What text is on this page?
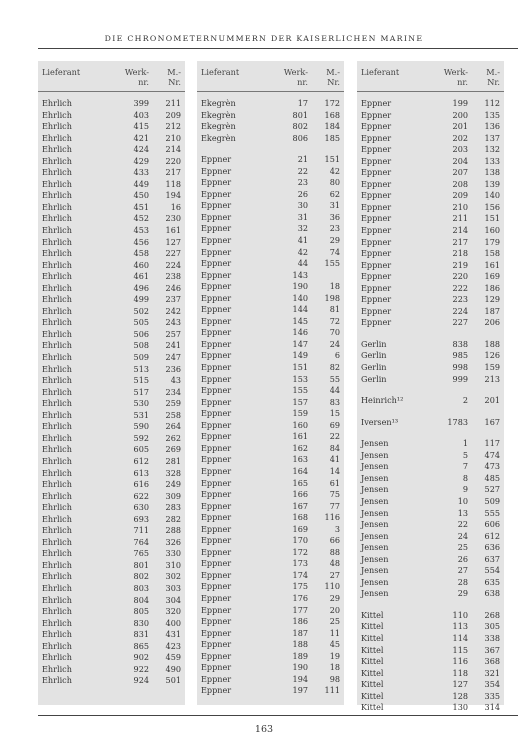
DIE CHRONOMETERNUMMERN DER KAISERLICHEN MARINE
Lieferant	Werk-
nr.
M.-
Nr.
Ehrlich	399 211
Ehrlich	403 209
Ehrlich	415 212
Ehrlich	421 210
Ehrlich	424 214
Ehrlich	429 220
Ehrlich	433 217
Ehrlich	449 118
Ehrlich	450 194
Ehrlich	451	16
Ehrlich	452 230
Ehrlich	453 161
Ehrlich	456 127
Ehrlich	458 227
Ehrlich	460 224
Ehrlich	461 238
Ehrlich	496 246
Ehrlich	499 237
Ehrlich	502 242
Ehrlich	505 243
Ehrlich	506 257
Ehrlich	508 241
Ehrlich	509 247
Ehrlich	513 236
Ehrlich	515	43
Ehrlich	517 234
Ehrlich	530 259
Ehrlich	531 258
Ehrlich	590 264
Ehrlich	592 262
Ehrlich	605 269
Ehrlich	612 281
Ehrlich	613 328
Ehrlich	616 249
Ehrlich	622 309
Ehrlich	630 283
Ehrlich	693 282
Ehrlich	711 288
Ehrlich	764 326
Ehrlich	765 330
Ehrlich	801 310
Ehrlich	802 302
Ehrlich	803 303
Ehrlich	804 304
Ehrlich	805 320
Ehrlich	830 400
Ehrlich	831 431
Ehrlich	865 423
Ehrlich	902 459
Ehrlich	922 490
Ehrlich	924 501
Lieferant	Werk-
nr.
M.-
Nr.
Ekegrèn	17 172
Ekegrèn	801 168
Ekegrèn	802 184
Ekegrèn	806 185
Eppner	21 151
Eppner	22	42
Eppner	23	80
Eppner	26	62
Eppner	30	31
Eppner	31	36
Eppner	32	23
Eppner	41	29
Eppner	42	74
Eppner	44 155
Eppner	143
Eppner	190	18
Eppner	140 198
Eppner	144	81
Eppner	145	72
Eppner	146	70
Eppner	147	24
Eppner	149	6
Eppner	151	82
Eppner	153	55
Eppner	155	44
Eppner	157	83
Eppner	159	15
Eppner	160	69
Eppner	161	22
Eppner	162	84
Eppner	163	41
Eppner	164	14
Eppner	165	61
Eppner	166	75
Eppner	167	77
Eppner	168 116
Eppner	169	3
Eppner	170	66
Eppner	172	88
Eppner	173	48
Eppner	174	27
Eppner	175 110
Eppner	176	29
Eppner	177	20
Eppner	186	25
Eppner	187	11
Eppner	188	45
Eppner	189	19
Eppner	190	18
Eppner	194	98
Eppner	197 111
Lieferant	Werk-
nr.
M.-
Nr.
Eppner	199 112
Eppner	200 135
Eppner	201 136
Eppner	202 137
Eppner	203 132
Eppner	204 133
Eppner	207 138
Eppner	208 139
Eppner	209 140
Eppner	210 156
Eppner	211 151
Eppner	214 160
Eppner	217 179
Eppner	218 158
Eppner	219 161
Eppner	220 169
Eppner	222 186
Eppner	223 129
Eppner	224 187
Eppner	227 206
Gerlin	838 188
Gerlin	985 126
Gerlin	998 159
Gerlin	999 213
Heinrich¹²	2 201
Iversen¹³	1783 167
Jensen	1 117
Jensen	5 474
Jensen	7 473
Jensen	8 485
Jensen	9 527
Jensen	10 509
Jensen	13 555
Jensen	22 606
Jensen	24 612
Jensen	25 636
Jensen	26 637
Jensen	27 554
Jensen	28 635
Jensen	29 638
Kittel	110 268
Kittel	113 305
Kittel	114 338
Kittel	115 367
Kittel	116 368
Kittel	118 321
Kittel	127 354
Kittel	128 335
Kittel	130 314
163
